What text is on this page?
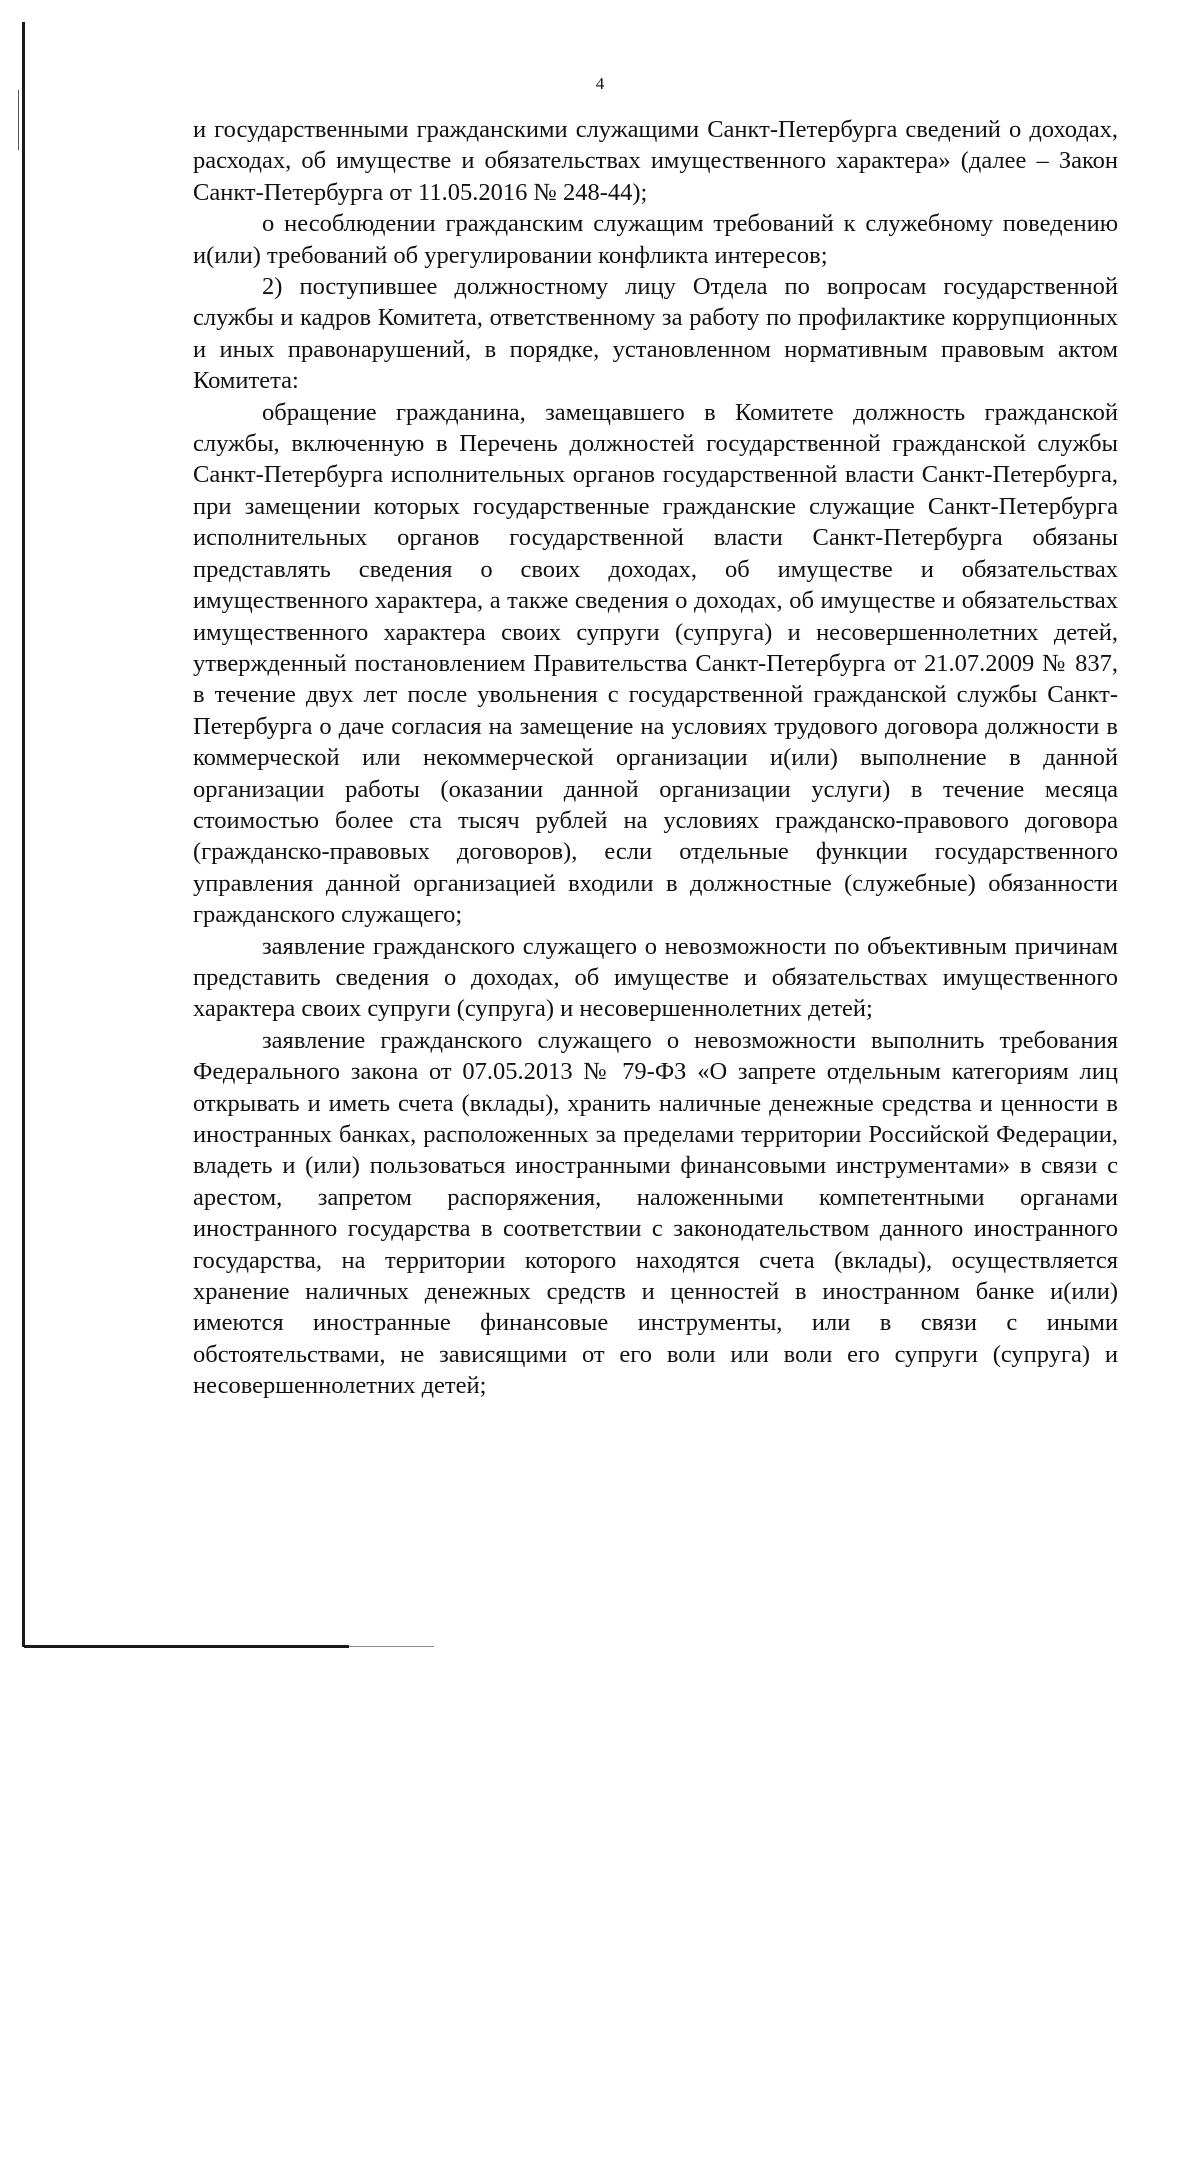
4

и государственными гражданскими служащими Санкт-Петербурга сведений о доходах, расходах, об имуществе и обязательствах имущественного характера» (далее – Закон Санкт-Петербурга от 11.05.2016 № 248-44);

о несоблюдении гражданским служащим требований к служебному поведению и(или) требований об урегулировании конфликта интересов;

2) поступившее должностному лицу Отдела по вопросам государственной службы и кадров Комитета, ответственному за работу по профилактике коррупционных и иных правонарушений, в порядке, установленном нормативным правовым актом Комитета:

обращение гражданина, замещавшего в Комитете должность гражданской службы, включенную в Перечень должностей государственной гражданской службы Санкт-Петербурга исполнительных органов государственной власти Санкт-Петербурга, при замещении которых государственные гражданские служащие Санкт-Петербурга исполнительных органов государственной власти Санкт-Петербурга обязаны представлять сведения о своих доходах, об имуществе и обязательствах имущественного характера, а также сведения о доходах, об имуществе и обязательствах имущественного характера своих супруги (супруга) и несовершеннолетних детей, утвержденный постановлением Правительства Санкт-Петербурга от 21.07.2009 № 837, в течение двух лет после увольнения с государственной гражданской службы Санкт-Петербурга о даче согласия на замещение на условиях трудового договора должности в коммерческой или некоммерческой организации и(или) выполнение в данной организации работы (оказании данной организации услуги) в течение месяца стоимостью более ста тысяч рублей на условиях гражданско-правового договора (гражданско-правовых договоров), если отдельные функции государственного управления данной организацией входили в должностные (служебные) обязанности гражданского служащего;

заявление гражданского служащего о невозможности по объективным причинам представить сведения о доходах, об имуществе и обязательствах имущественного характера своих супруги (супруга) и несовершеннолетних детей;

заявление гражданского служащего о невозможности выполнить требования Федерального закона от 07.05.2013 № 79-ФЗ «О запрете отдельным категориям лиц открывать и иметь счета (вклады), хранить наличные денежные средства и ценности в иностранных банках, расположенных за пределами территории Российской Федерации, владеть и (или) пользоваться иностранными финансовыми инструментами» в связи с арестом, запретом распоряжения, наложенными компетентными органами иностранного государства в соответствии с законодательством данного иностранного государства, на территории которого находятся счета (вклады), осуществляется хранение наличных денежных средств и ценностей в иностранном банке и(или) имеются иностранные финансовые инструменты, или в связи с иными обстоятельствами, не зависящими от его воли или воли его супруги (супруга) и несовершеннолетних детей;
